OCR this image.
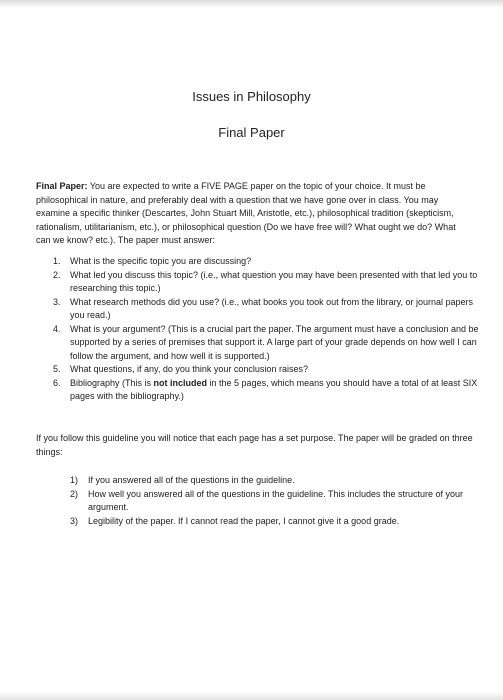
Issues in Philosophy
Final Paper
Final Paper: You are expected to write a FIVE PAGE paper on the topic of your choice. It must be philosophical in nature, and preferably deal with a question that we have gone over in class. You may examine a specific thinker (Descartes, John Stuart Mill, Aristotle, etc.), philosophical tradition (skepticism, rationalism, utilitarianism, etc.), or philosophical question (Do we have free will? What ought we do? What can we know? etc.). The paper must answer:
1. What is the specific topic you are discussing?
2. What led you discuss this topic? (i.e., what question you may have been presented with that led you to researching this topic.)
3. What research methods did you use? (i.e., what books you took out from the library, or journal papers you read.)
4. What is your argument? (This is a crucial part the paper. The argument must have a conclusion and be supported by a series of premises that support it. A large part of your grade depends on how well I can follow the argument, and how well it is supported.)
5. What questions, if any, do you think your conclusion raises?
6. Bibliography (This is not included in the 5 pages, which means you should have a total of at least SIX pages with the bibliography.)
If you follow this guideline you will notice that each page has a set purpose. The paper will be graded on three things:
1) If you answered all of the questions in the guideline.
2) How well you answered all of the questions in the guideline. This includes the structure of your argument.
3) Legibility of the paper. If I cannot read the paper, I cannot give it a good grade.
